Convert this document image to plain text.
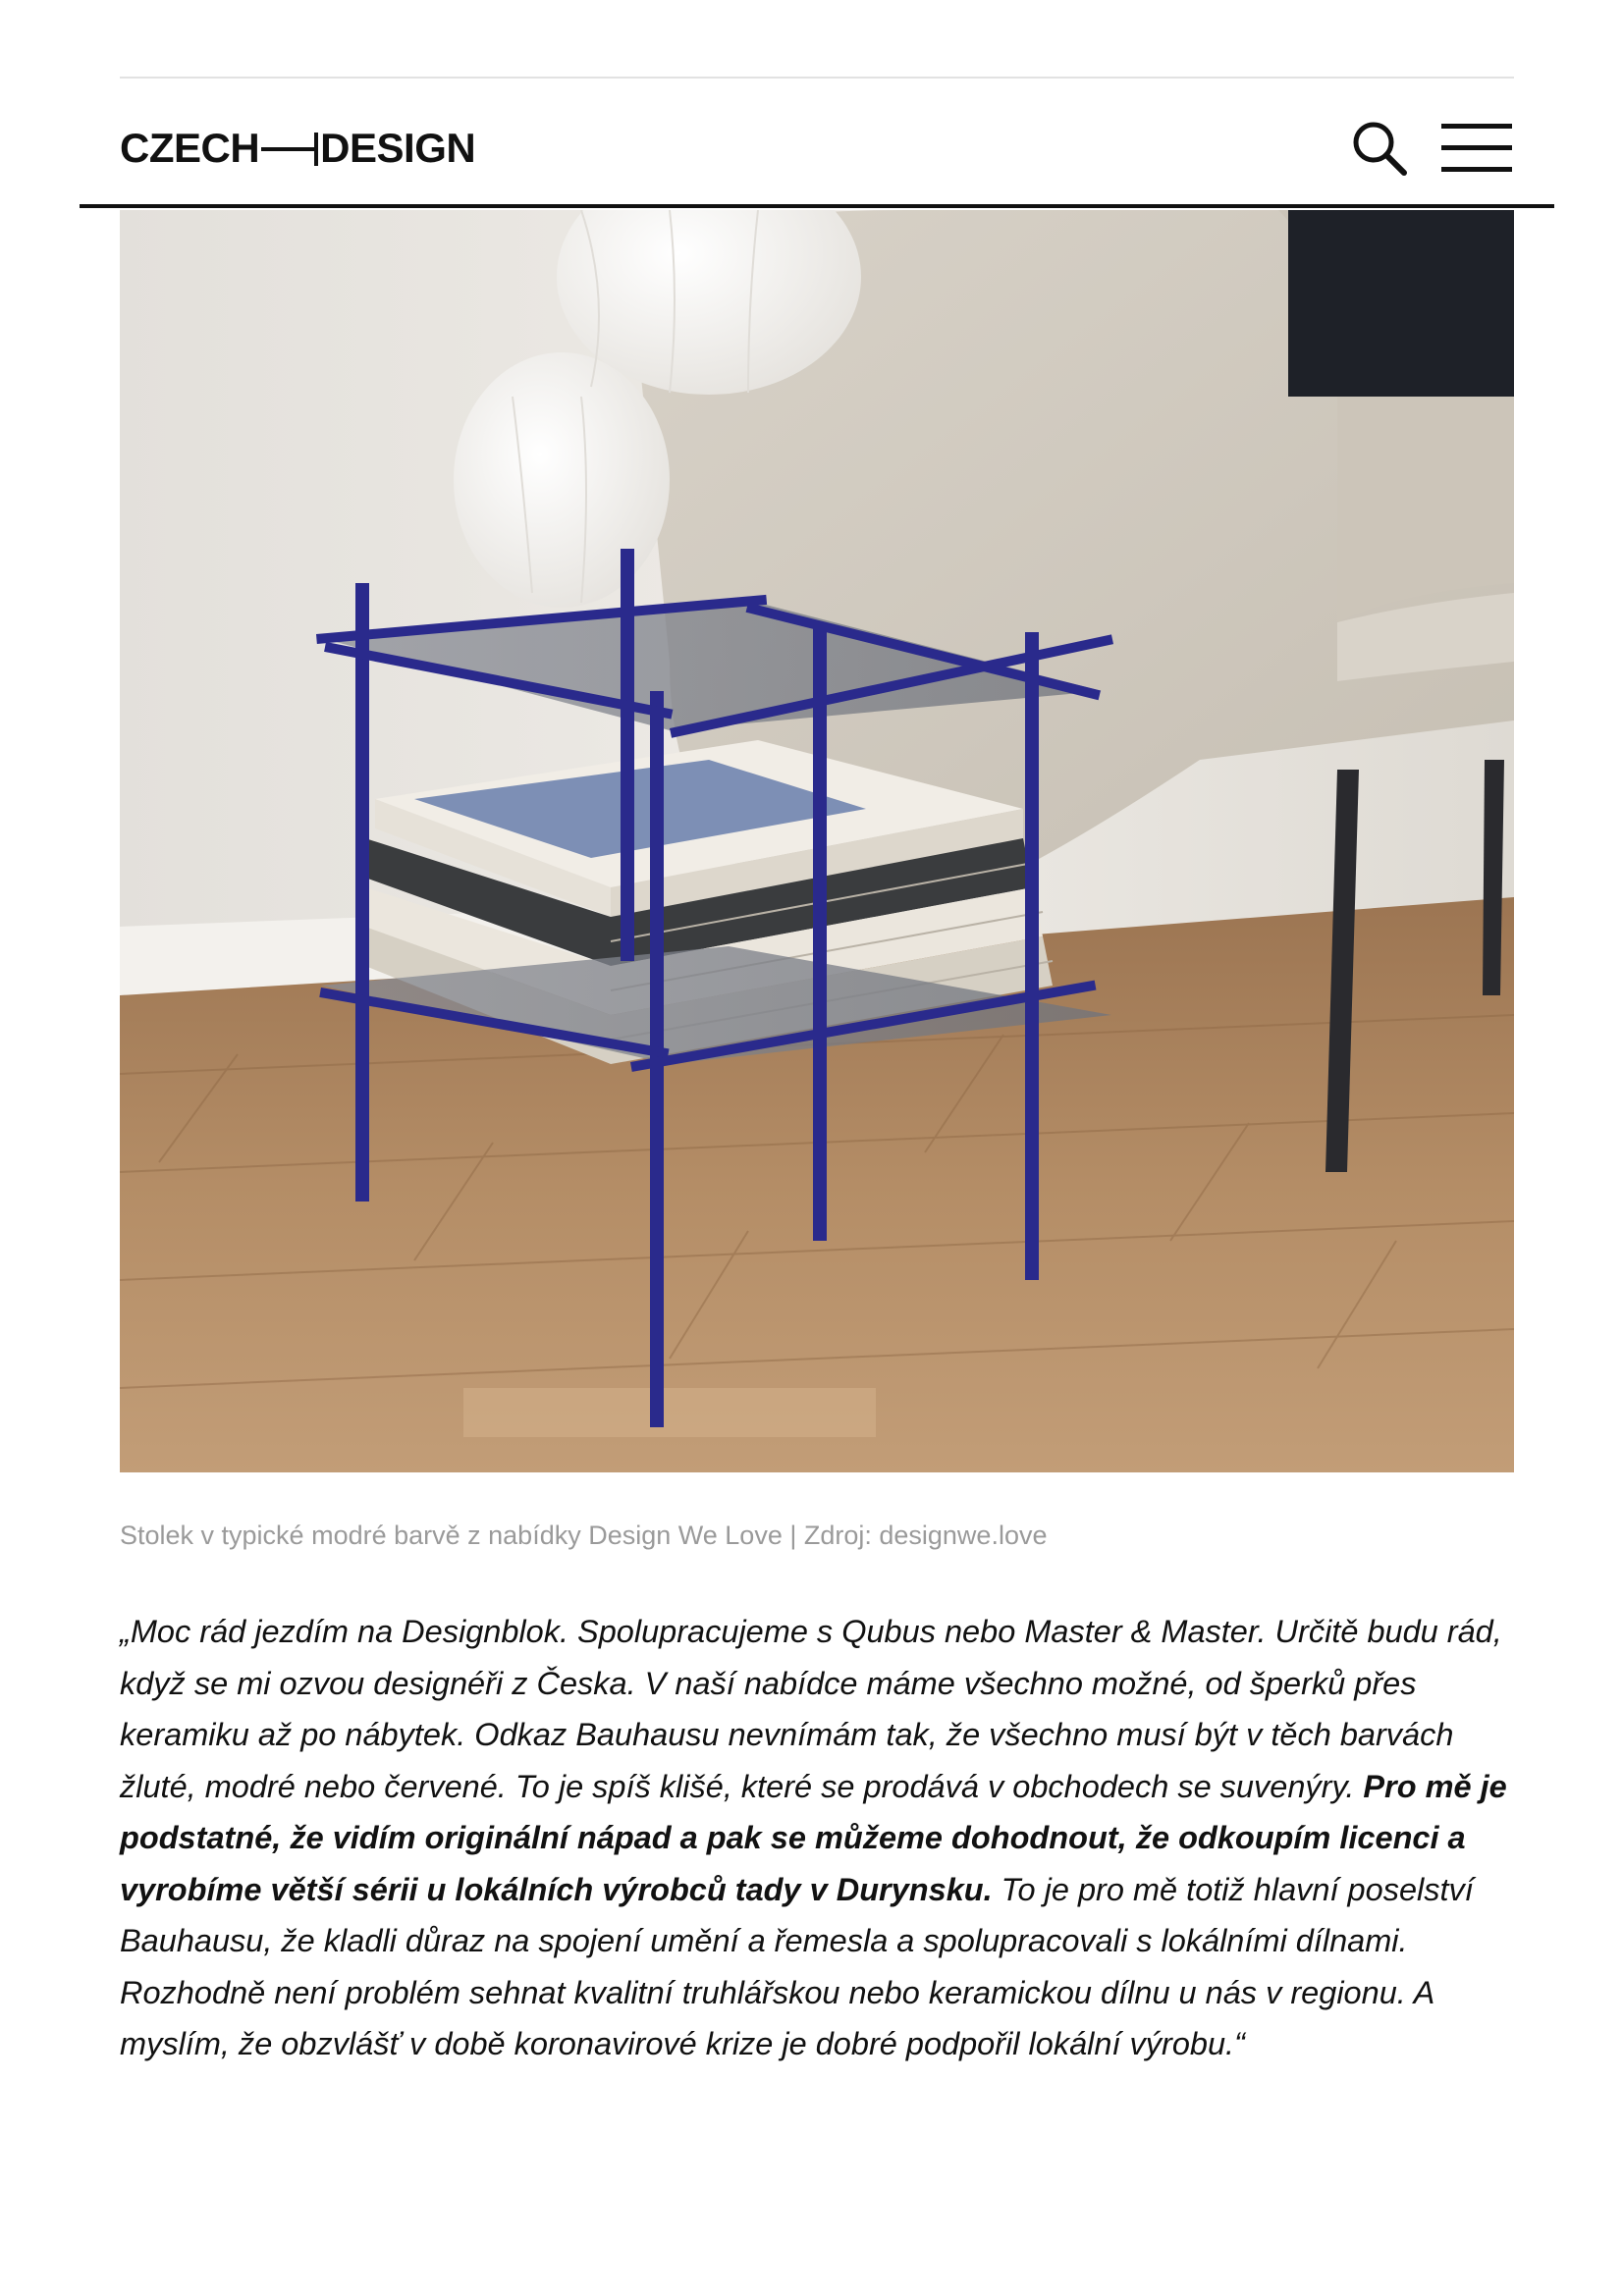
CZECH DESIGN
Stolek v typické modré barvě z nabídky Design We Love | Zdroj: designwe.love

„Moc rád jezdím na Designblok. Spolupracujeme s Qubus nebo Master & Master. Určitě budu rád, když se mi ozvou designéři z Česka. V naší nabídce máme všechno možné, od šperků přes keramiku až po nábytek. Odkaz Bauhausu nevnímám tak, že všechno musí být v těch barvách žluté, modré nebo červené. To je spíš klišé, které se prodává v obchodech se suvenýry. Pro mě je podstatné, že vidím originální nápad a pak se můžeme dohodnout, že odkoupím licenci a vyrobíme větší sérii u lokálních výrobců tady v Durynsku. To je pro mě totiž hlavní poselství Bauhausu, že kladli důraz na spojení umění a řemesla a spolupracovali s lokálními dílnami. Rozhodně není problém sehnat kvalitní truhlářskou nebo keramickou dílnu u nás v regionu. A myslím, že obzvlášť v době koronavirové krize je dobré podpořil lokální výrobu.“
